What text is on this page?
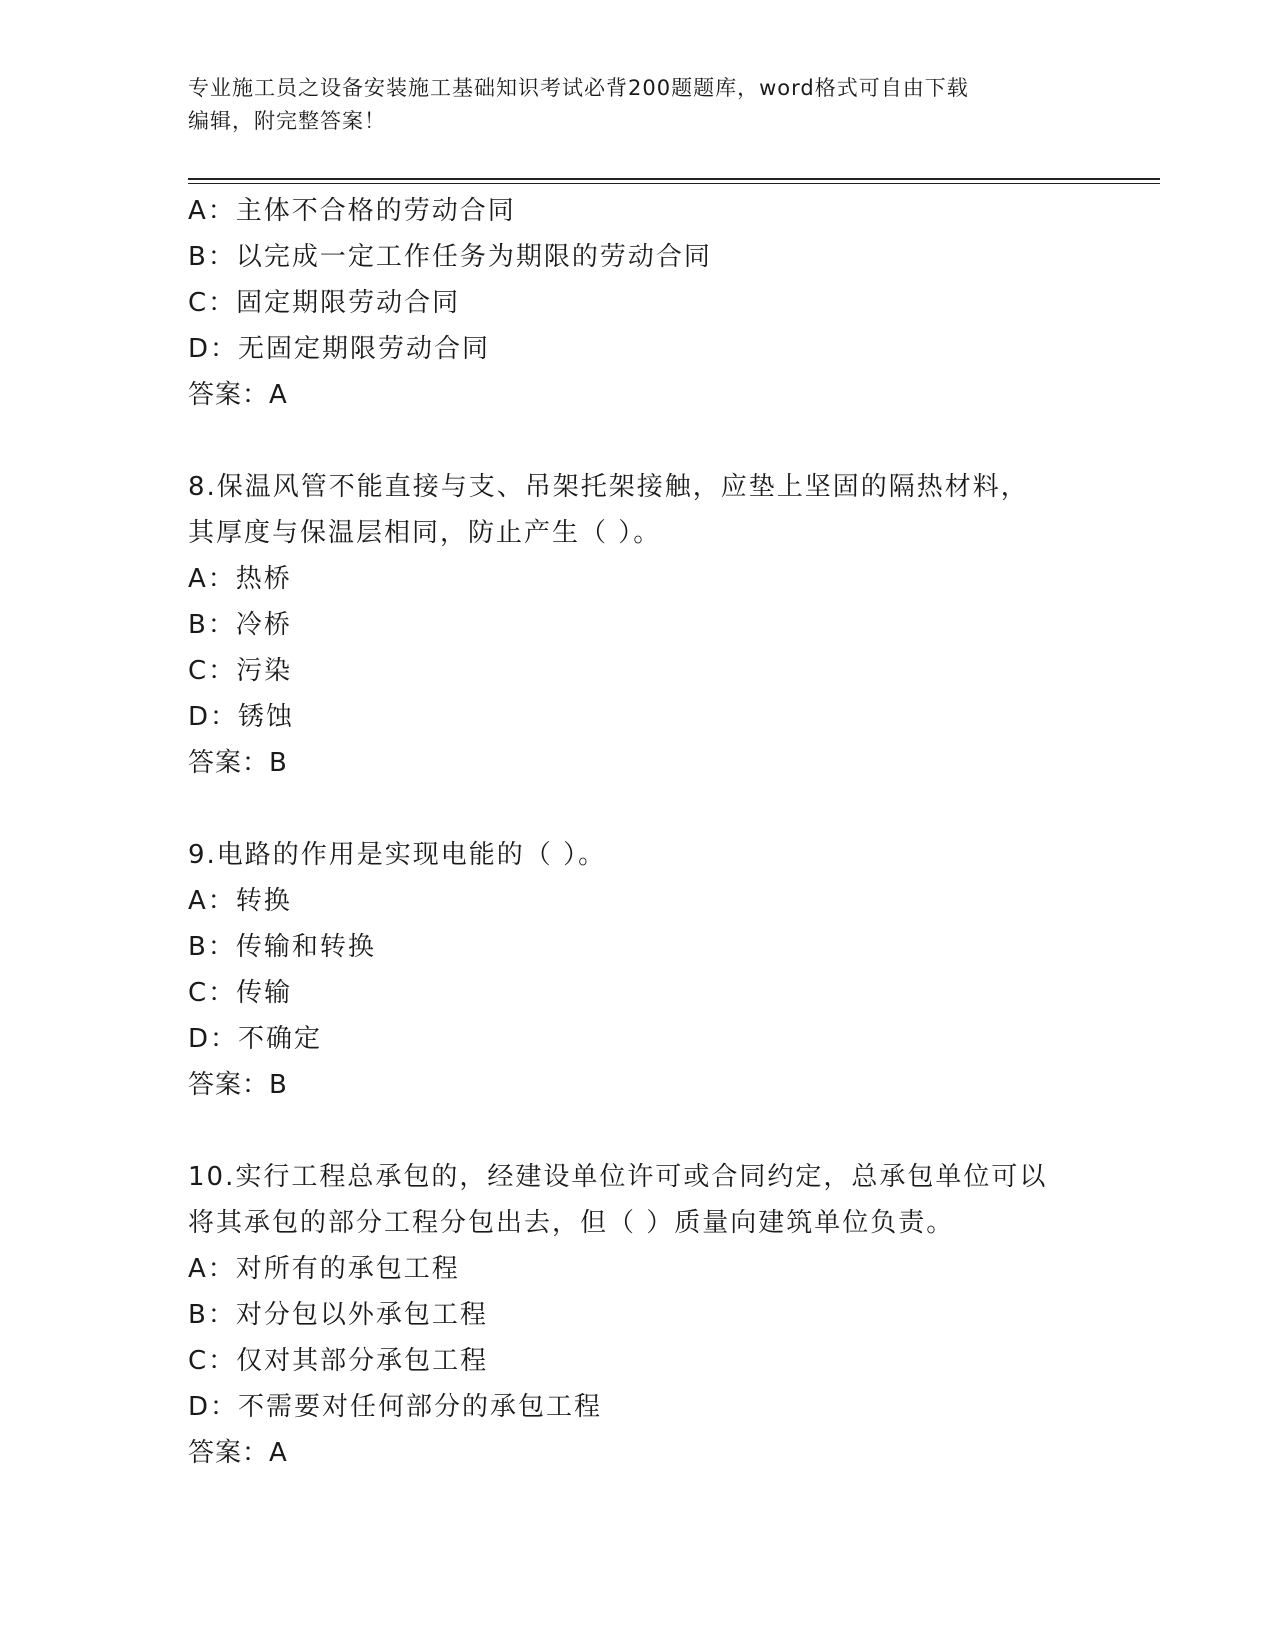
专业施工员之设备安装施工基础知识考试必背200题题库，word格式可自由下载
编辑，附完整答案！
A：主体不合格的劳动合同
B：以完成一定工作任务为期限的劳动合同
C：固定期限劳动合同
D：无固定期限劳动合同
答案：A
8.保温风管不能直接与支、吊架托架接触，应垫上坚固的隔热材料，
其厚度与保温层相同，防止产生（ ）。
A：热桥
B：冷桥
C：污染
D：锈蚀
答案：B
9.电路的作用是实现电能的（ ）。
A：转换
B：传输和转换
C：传输
D：不确定
答案：B
10.实行工程总承包的，经建设单位许可或合同约定，总承包单位可以
将其承包的部分工程分包出去，但（ ）质量向建筑单位负责。
A：对所有的承包工程
B：对分包以外承包工程
C：仅对其部分承包工程
D：不需要对任何部分的承包工程
答案：A
